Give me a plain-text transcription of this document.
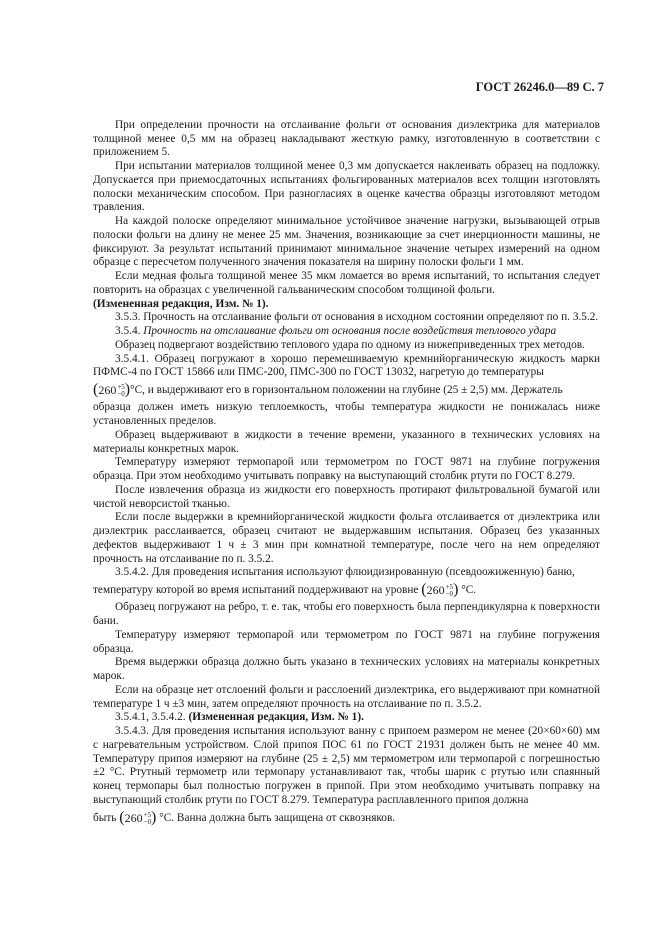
ГОСТ 26246.0—89 С. 7

При определении прочности на отслаивание фольги от основания диэлектрика для материалов толщиной менее 0,5 мм на образец накладывают жесткую рамку, изготовленную в соответствии с приложением 5.

При испытании материалов толщиной менее 0,3 мм допускается наклеивать образец на подложку. Допускается при приемосдаточных испытаниях фольгированных материалов всех толщин изготовлять полоски механическим способом. При разногласиях в оценке качества образцы изготовляют методом травления.

На каждой полоске определяют минимальное устойчивое значение нагрузки, вызывающей отрыв полоски фольги на длину не менее 25 мм. Значения, возникающие за счет инерционности машины, не фиксируют. За результат испытаний принимают минимальное значение четырех измерений на одном образце с пересчетом полученного значения показателя на ширину полоски фольги 1 мм.

Если медная фольга толщиной менее 35 мкм ломается во время испытаний, то испытания следует повторить на образцах с увеличенной гальваническим способом толщиной фольги.

(Измененная редакция, Изм. № 1).

3.5.3. Прочность на отслаивание фольги от основания в исходном состоянии определяют по п. 3.5.2.

3.5.4. Прочность на отслаивание фольги от основания после воздействия теплового удара

Образец подвергают воздействию теплового удара по одному из нижеприведенных трех методов.

3.5.4.1. Образец погружают в хорошо перемешиваемую кремнийорганическую жидкость марки ПФМС-4 по ГОСТ 15866 или ПМС-200, ПМС-300 по ГОСТ 13032, нагретую до температуры

(260 +5
−0 )°С, и выдерживают его в горизонтальном положении на глубине (25 ± 2,5) мм. Держатель

образца должен иметь низкую теплоемкость, чтобы температура жидкости не понижалась ниже установленных пределов.

Образец выдерживают в жидкости в течение времени, указанного в технических условиях на материалы конкретных марок.

Температуру измеряют термопарой или термометром по ГОСТ 9871 на глубине погружения образца. При этом необходимо учитывать поправку на выступающий столбик ртути по ГОСТ 8.279.

После извлечения образца из жидкости его поверхность протирают фильтровальной бумагой или чистой неворсистой тканью.

Если после выдержки в кремнийорганической жидкости фольга отслаивается от диэлектрика или диэлектрик расслаивается, образец считают не выдержавшим испытания. Образец без указанных дефектов выдерживают 1 ч ± 3 мин при комнатной температуре, после чего на нем определяют прочность на отслаивание по п. 3.5.2.

3.5.4.2. Для проведения испытания используют флюидизированную (псевдоожиженную) баню,

температуру которой во время испытаний поддерживают на уровне (260 +5
−0 ) °С.

Образец погружают на ребро, т. е. так, чтобы его поверхность была перпендикулярна к поверхности бани.

Температуру измеряют термопарой или термометром по ГОСТ 9871 на глубине погружения образца.

Время выдержки образца должно быть указано в технических условиях на материалы конкретных марок.

Если на образце нет отслоений фольги и расслоений диэлектрика, его выдерживают при комнатной температуре 1 ч ±3 мин, затем определяют прочность на отслаивание по п. 3.5.2.

3.5.4.1, 3.5.4.2. (Измененная редакция, Изм. № 1).

3.5.4.3. Для проведения испытания используют ванну с припоем размером не менее (20×60×60) мм с нагревательным устройством. Слой припоя ПОС 61 по ГОСТ 21931 должен быть не менее 40 мм. Температуру припоя измеряют на глубине (25 ± 2,5) мм термометром или термопарой с погрешностью ±2 °С. Ртутный термометр или термопару устанавливают так, чтобы шарик с ртутью или спаянный конец термопары был полностью погружен в припой. При этом необходимо учитывать поправку на выступающий столбик ртути по ГОСТ 8.279. Температура расплавленного припоя должна

быть (260 +5
−0 ) °С. Ванна должна быть защищена от сквозняков.
